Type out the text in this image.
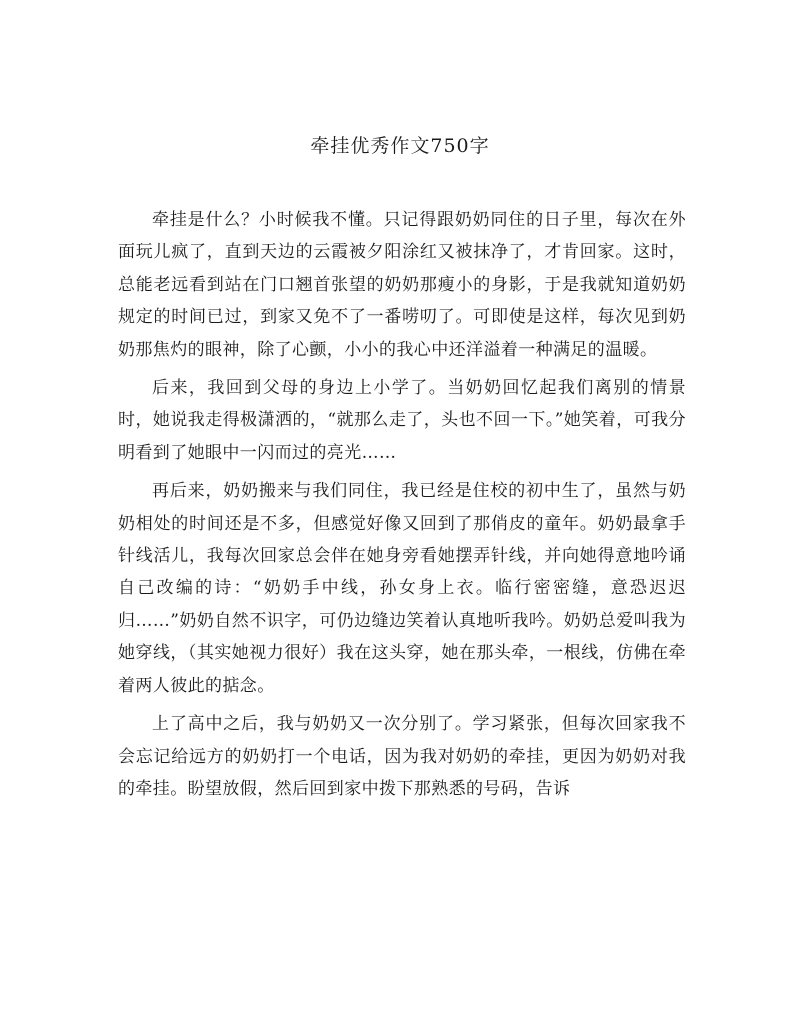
牵挂优秀作文750字

牵挂是什么？小时候我不懂。只记得跟奶奶同住的日子里，每次在外面玩儿疯了，直到天边的云霞被夕阳涂红又被抹净了，才肯回家。这时，总能老远看到站在门口翘首张望的奶奶那瘦小的身影，于是我就知道奶奶规定的时间已过，到家又免不了一番唠叨了。可即使是这样，每次见到奶奶那焦灼的眼神，除了心颤，小小的我心中还洋溢着一种满足的温暖。

后来，我回到父母的身边上小学了。当奶奶回忆起我们离别的情景时，她说我走得极潇洒的，“就那么走了，头也不回一下。”她笑着，可我分明看到了她眼中一闪而过的亮光……

再后来，奶奶搬来与我们同住，我已经是住校的初中生了，虽然与奶奶相处的时间还是不多，但感觉好像又回到了那俏皮的童年。奶奶最拿手针线活儿，我每次回家总会伴在她身旁看她摆弄针线，并向她得意地吟诵自己改编的诗：“奶奶手中线，孙女身上衣。临行密密缝，意恐迟迟归……”奶奶自然不识字，可仍边缝边笑着认真地听我吟。奶奶总爱叫我为她穿线，（其实她视力很好）我在这头穿，她在那头牵，一根线，仿佛在牵着两人彼此的掂念。

上了高中之后，我与奶奶又一次分别了。学习紧张，但每次回家我不会忘记给远方的奶奶打一个电话，因为我对奶奶的牵挂，更因为奶奶对我的牵挂。盼望放假，然后回到家中拨下那熟悉的号码，告诉
